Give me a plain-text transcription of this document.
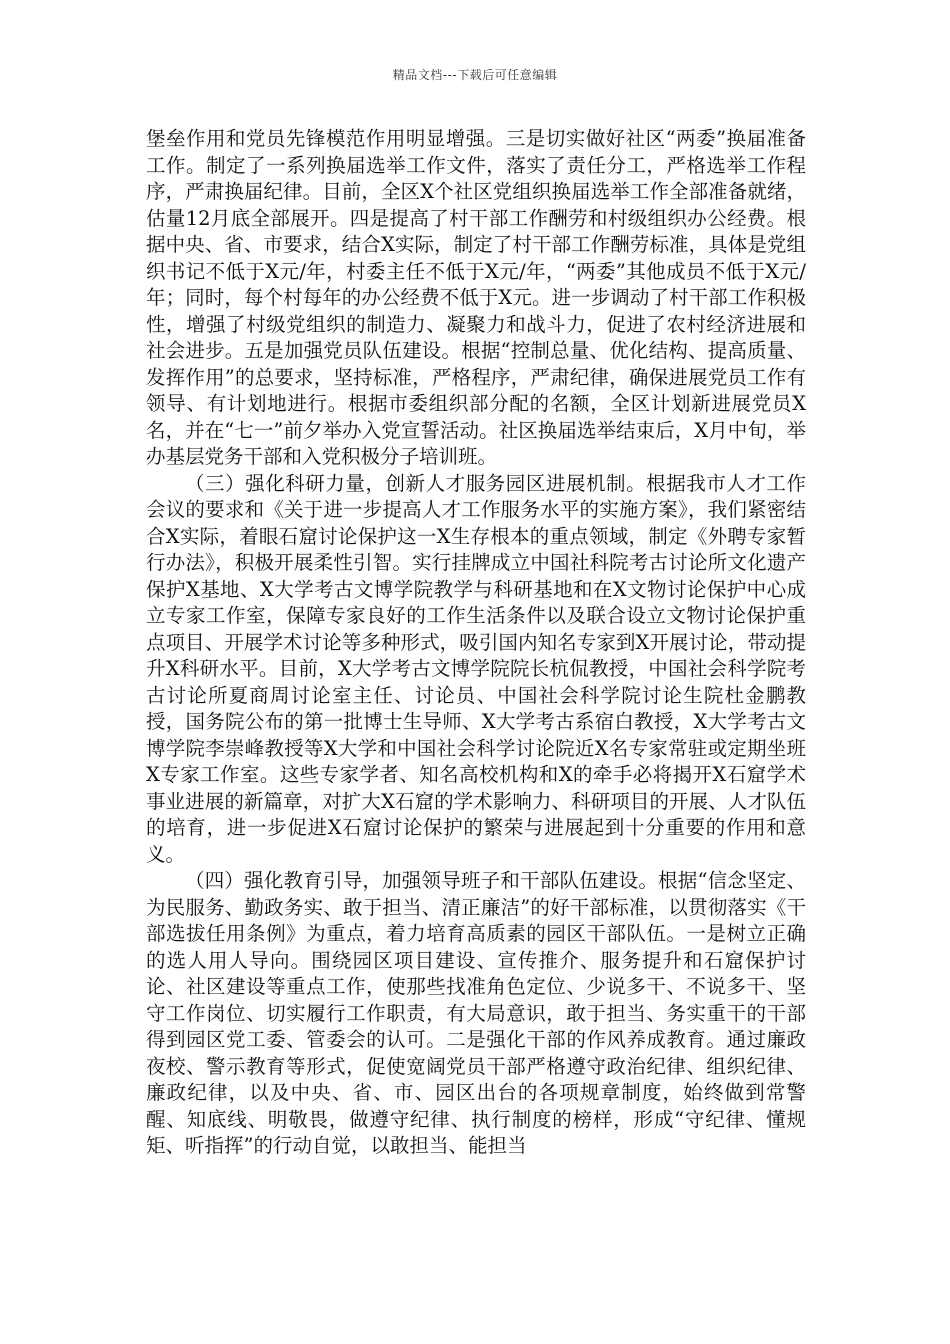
精品文档---下载后可任意编辑

堡垒作用和党员先锋模范作用明显增强。三是切实做好社区“两委”换届准备工作。制定了一系列换届选举工作文件，落实了责任分工，严格选举工作程序，严肃换届纪律。目前，全区X个社区党组织换届选举工作全部准备就绪，估量12月底全部展开。四是提高了村干部工作酬劳和村级组织办公经费。根据中央、省、市要求，结合X实际，制定了村干部工作酬劳标准，具体是党组织书记不低于X元/年，村委主任不低于X元/年，“两委”其他成员不低于X元/年；同时，每个村每年的办公经费不低于X元。进一步调动了村干部工作积极性，增强了村级党组织的制造力、凝聚力和战斗力，促进了农村经济进展和社会进步。五是加强党员队伍建设。根据“控制总量、优化结构、提高质量、发挥作用”的总要求，坚持标准，严格程序，严肃纪律，确保进展党员工作有领导、有计划地进行。根据市委组织部分配的名额，全区计划新进展党员X名，并在“七一”前夕举办入党宣誓活动。社区换届选举结束后，X月中旬，举办基层党务干部和入党积极分子培训班。

（三）强化科研力量，创新人才服务园区进展机制。根据我市人才工作会议的要求和《关于进一步提高人才工作服务水平的实施方案》，我们紧密结合X实际，着眼石窟讨论保护这一X生存根本的重点领域，制定《外聘专家暂行办法》，积极开展柔性引智。实行挂牌成立中国社科院考古讨论所文化遗产保护X基地、X大学考古文博学院教学与科研基地和在X文物讨论保护中心成立专家工作室，保障专家良好的工作生活条件以及联合设立文物讨论保护重点项目、开展学术讨论等多种形式，吸引国内知名专家到X开展讨论，带动提升X科研水平。目前，X大学考古文博学院院长杭侃教授，中国社会科学院考古讨论所夏商周讨论室主任、讨论员、中国社会科学院讨论生院杜金鹏教授，国务院公布的第一批博士生导师、X大学考古系宿白教授，X大学考古文博学院李崇峰教授等X大学和中国社会科学讨论院近X名专家常驻或定期坐班X专家工作室。这些专家学者、知名高校机构和X的牵手必将揭开X石窟学术事业进展的新篇章，对扩大X石窟的学术影响力、科研项目的开展、人才队伍的培育，进一步促进X石窟讨论保护的繁荣与进展起到十分重要的作用和意义。

（四）强化教育引导，加强领导班子和干部队伍建设。根据“信念坚定、为民服务、勤政务实、敢于担当、清正廉洁”的好干部标准，以贯彻落实《干部选拔任用条例》为重点，着力培育高质素的园区干部队伍。一是树立正确的选人用人导向。围绕园区项目建设、宣传推介、服务提升和石窟保护讨论、社区建设等重点工作，使那些找准角色定位、少说多干、不说多干、坚守工作岗位、切实履行工作职责，有大局意识，敢于担当、务实重干的干部得到园区党工委、管委会的认可。二是强化干部的作风养成教育。通过廉政夜校、警示教育等形式，促使宽阔党员干部严格遵守政治纪律、组织纪律、廉政纪律，以及中央、省、市、园区出台的各项规章制度，始终做到常警醒、知底线、明敬畏，做遵守纪律、执行制度的榜样，形成“守纪律、懂规矩、听指挥”的行动自觉，以敢担当、能担当
